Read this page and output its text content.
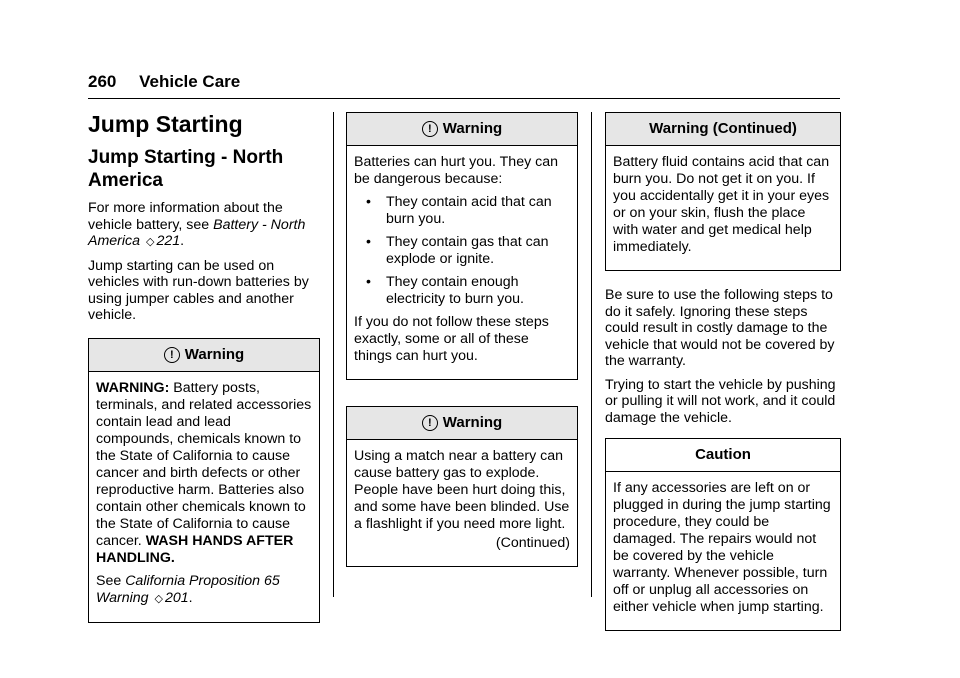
260 Vehicle Care
Jump Starting
Jump Starting - North America

For more information about the vehicle battery, see Battery - North America ◇ 221.

Jump starting can be used on vehicles with run-down batteries by using jumper cables and another vehicle.

! Warning

WARNING: Battery posts, terminals, and related accessories contain lead and lead compounds, chemicals known to the State of California to cause cancer and birth defects or other reproductive harm. Batteries also contain other chemicals known to the State of California to cause cancer. WASH HANDS AFTER HANDLING.

See California Proposition 65 Warning ◇ 201.

! Warning

Batteries can hurt you. They can be dangerous because:

• They contain acid that can burn you.
• They contain gas that can explode or ignite.
• They contain enough electricity to burn you.

If you do not follow these steps exactly, some or all of these things can hurt you.

! Warning

Using a match near a battery can cause battery gas to explode. People have been hurt doing this, and some have been blinded. Use a flashlight if you need more light.

(Continued)

Warning (Continued)

Battery fluid contains acid that can burn you. Do not get it on you. If you accidentally get it in your eyes or on your skin, flush the place with water and get medical help immediately.

Be sure to use the following steps to do it safely. Ignoring these steps could result in costly damage to the vehicle that would not be covered by the warranty.

Trying to start the vehicle by pushing or pulling it will not work, and it could damage the vehicle.

Caution

If any accessories are left on or plugged in during the jump starting procedure, they could be damaged. The repairs would not be covered by the vehicle warranty. Whenever possible, turn off or unplug all accessories on either vehicle when jump starting.
